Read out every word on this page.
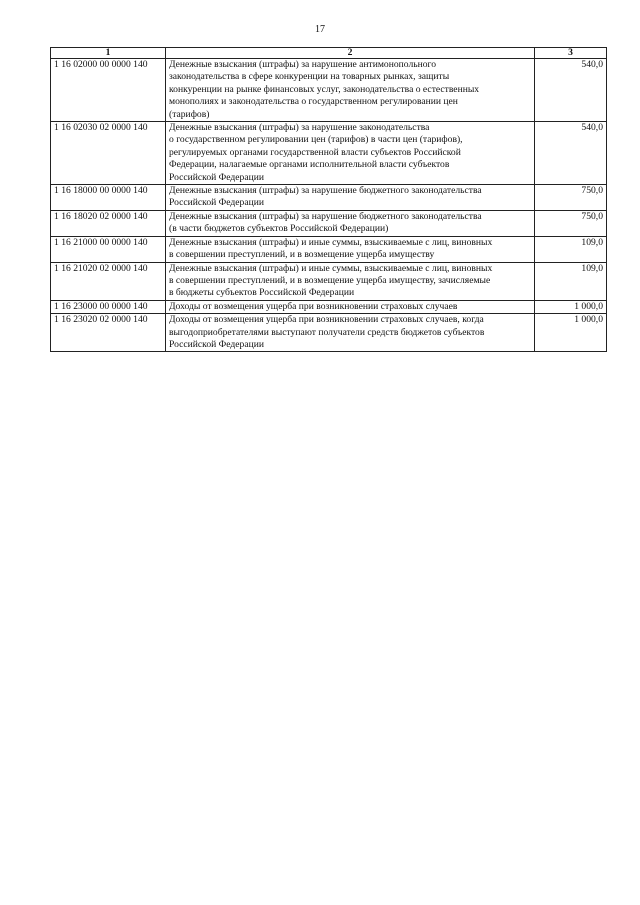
17
1	2	3
1 16 02000 00 0000 140	Денежные взыскания (штрафы) за нарушение антимонопольного
законодательства в сфере конкуренции на товарных рынках, защиты
конкуренции на рынке финансовых услуг, законодательства о естественных
монополиях и законодательства о государственном регулировании цен
(тарифов)	540,0
1 16 02030 02 0000 140	Денежные взыскания (штрафы) за нарушение законодательства
о государственном регулировании цен (тарифов) в части цен (тарифов),
регулируемых органами государственной власти субъектов Российской
Федерации, налагаемые органами исполнительной власти субъектов
Российской Федерации	540,0
1 16 18000 00 0000 140	Денежные взыскания (штрафы) за нарушение бюджетного законодательства
Российской Федерации	750,0
1 16 18020 02 0000 140	Денежные взыскания (штрафы) за нарушение бюджетного законодательства
(в части бюджетов субъектов Российской Федерации)	750,0
1 16 21000 00 0000 140	Денежные взыскания (штрафы) и иные суммы, взыскиваемые с лиц, виновных
в совершении преступлений, и в возмещение ущерба имуществу	109,0
1 16 21020 02 0000 140	Денежные взыскания (штрафы) и иные суммы, взыскиваемые с лиц, виновных
в совершении преступлений, и в возмещение ущерба имуществу, зачисляемые
в бюджеты субъектов Российской Федерации	109,0
1 16 23000 00 0000 140	Доходы от возмещения ущерба при возникновении страховых случаев	1 000,0
1 16 23020 02 0000 140	Доходы от возмещения ущерба при возникновении страховых случаев, когда
выгодоприобретателями выступают получатели средств бюджетов субъектов
Российской Федерации	1 000,0
